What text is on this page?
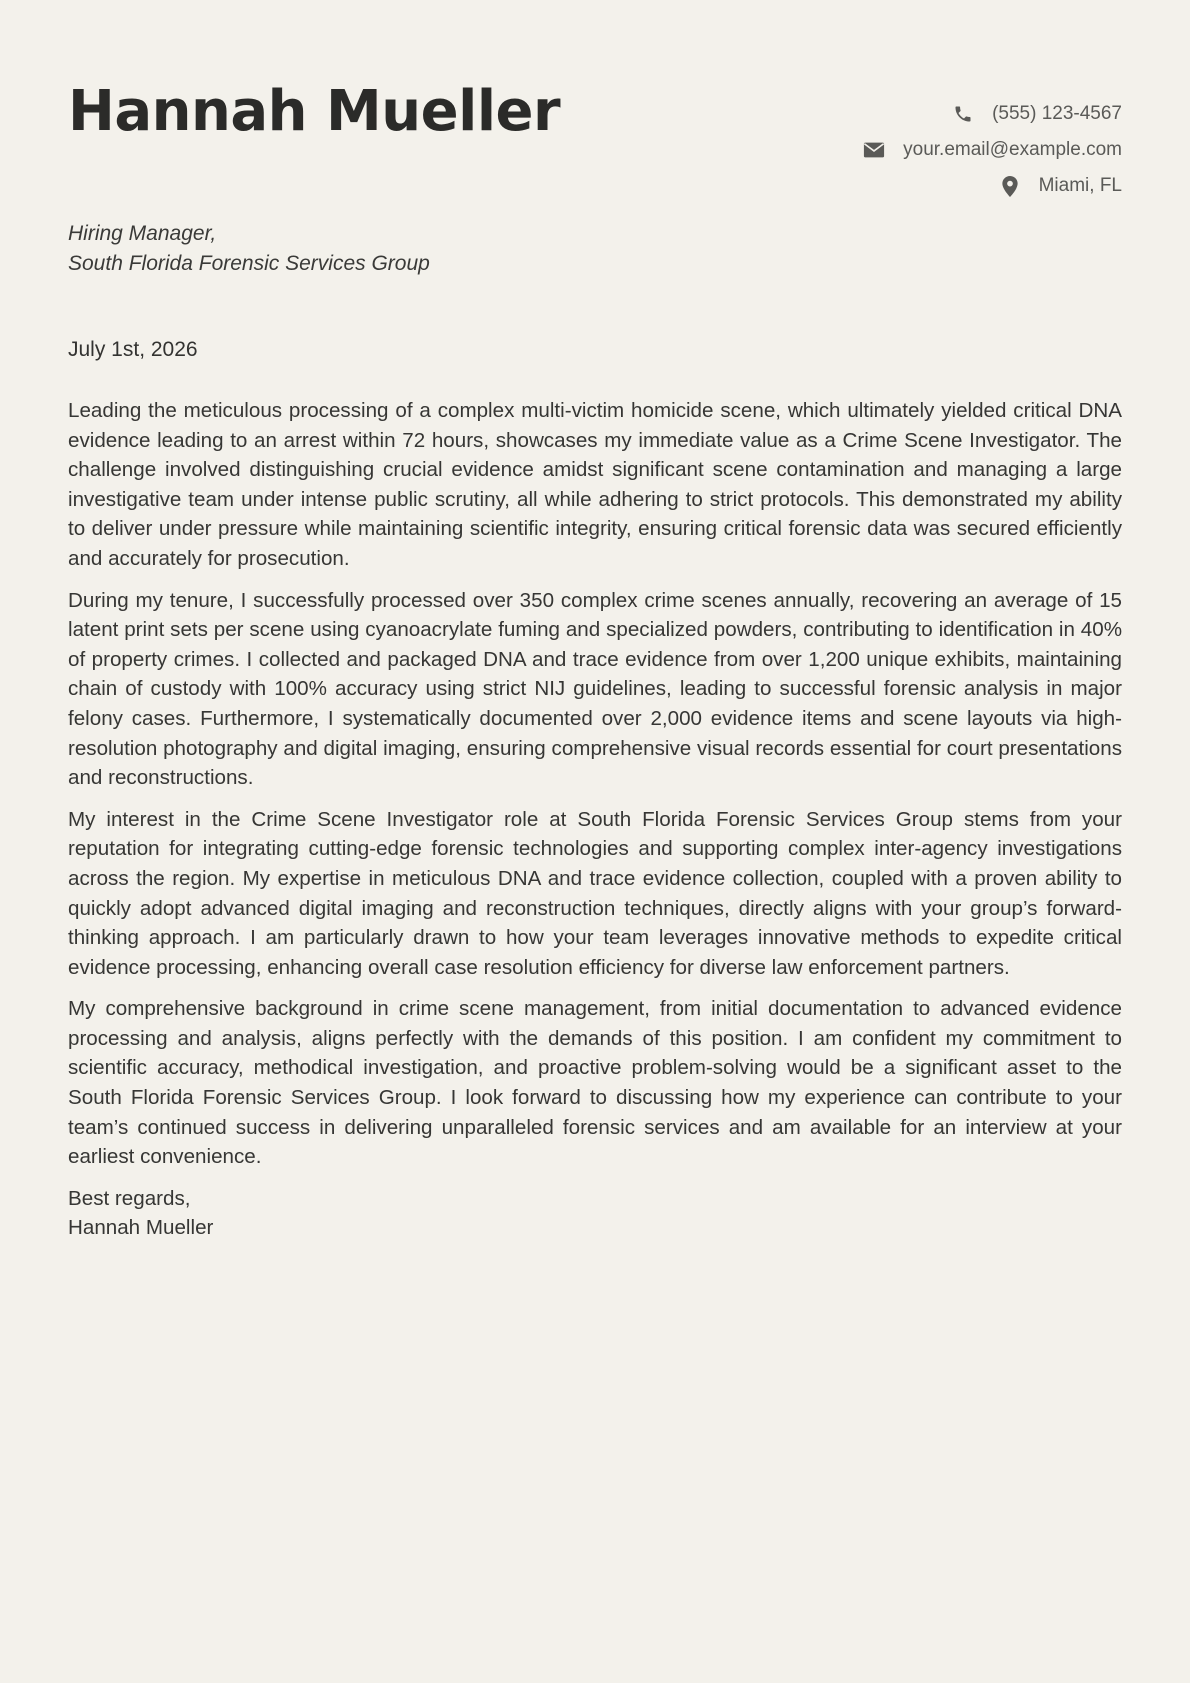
Hannah Mueller	(555) 123-4567
your.email@example.com
Miami, FL
Hiring Manager,
South Florida Forensic Services Group
July 1st, 2026

Leading the meticulous processing of a complex multi-victim homicide scene, which ultimately yielded critical DNA evidence leading to an arrest within 72 hours, showcases my immediate value as a Crime Scene Investigator. The challenge involved distinguishing crucial evidence amidst significant scene contamination and managing a large investigative team under intense public scrutiny, all while adhering to strict protocols. This demonstrated my ability to deliver under pressure while maintaining scientific integrity, ensuring critical forensic data was secured efficiently and accurately for prosecution.

During my tenure, I successfully processed over 350 complex crime scenes annually, recovering an average of 15 latent print sets per scene using cyanoacrylate fuming and specialized powders, contributing to identification in 40% of property crimes. I collected and packaged DNA and trace evidence from over 1,200 unique exhibits, maintaining chain of custody with 100% accuracy using strict NIJ guidelines, leading to successful forensic analysis in major felony cases. Furthermore, I systematically documented over 2,000 evidence items and scene layouts via high-resolution photography and digital imaging, ensuring comprehensive visual records essential for court presentations and reconstructions.

My interest in the Crime Scene Investigator role at South Florida Forensic Services Group stems from your reputation for integrating cutting-edge forensic technologies and supporting complex inter-agency investigations across the region. My expertise in meticulous DNA and trace evidence collection, coupled with a proven ability to quickly adopt advanced digital imaging and reconstruction techniques, directly aligns with your group’s forward-thinking approach. I am particularly drawn to how your team leverages innovative methods to expedite critical evidence processing, enhancing overall case resolution efficiency for diverse law enforcement partners.

My comprehensive background in crime scene management, from initial documentation to advanced evidence processing and analysis, aligns perfectly with the demands of this position. I am confident my commitment to scientific accuracy, methodical investigation, and proactive problem-solving would be a significant asset to the South Florida Forensic Services Group. I look forward to discussing how my experience can contribute to your team’s continued success in delivering unparalleled forensic services and am available for an interview at your earliest convenience.

Best regards,
Hannah Mueller
